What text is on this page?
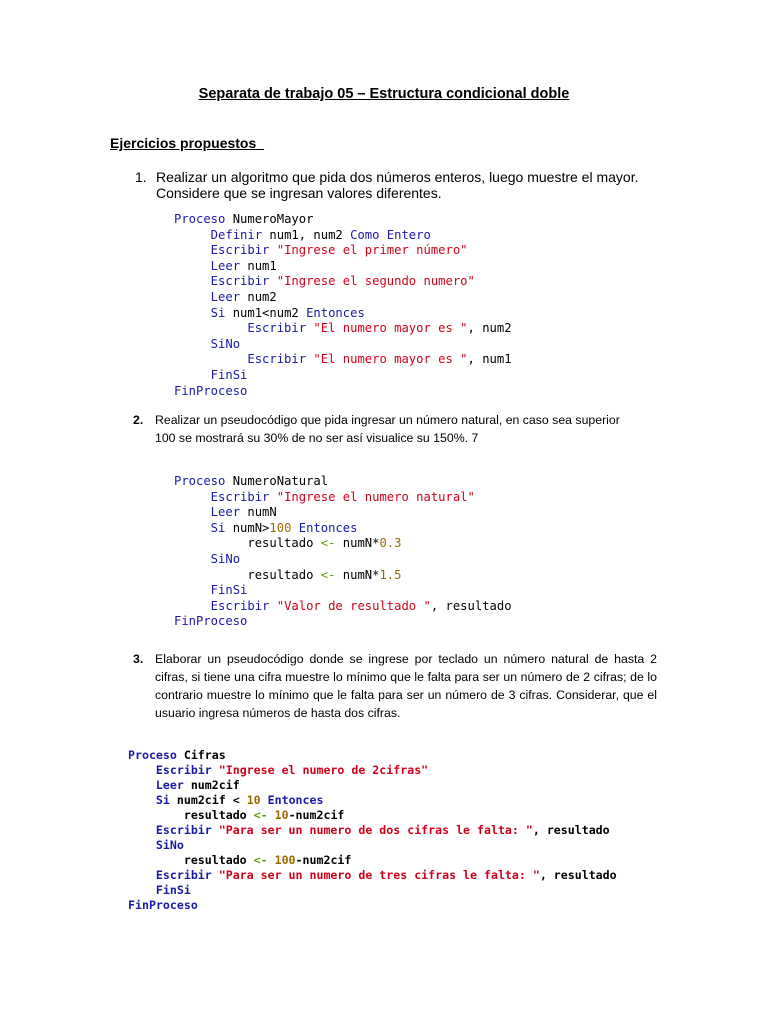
Separata de trabajo 05 – Estructura condicional doble
Ejercicios propuestos
1. Realizar un algoritmo que pida dos números enteros, luego muestre el mayor.
Considere que se ingresan valores diferentes.
Proceso NumeroMayor
Definir num1, num2 Como Entero
Escribir "Ingrese el primer número"
Leer num1
Escribir "Ingrese el segundo numero"
Leer num2
Si num1<num2 Entonces
Escribir "El numero mayor es ", num2
SiNo
Escribir "El numero mayor es ", num1
FinSi
FinProceso
2. Realizar un pseudocódigo que pida ingresar un número natural, en caso sea superior
100 se mostrará su 30% de no ser así visualice su 150%. 7
Proceso NumeroNatural
Escribir "Ingrese el numero natural"
Leer numN
Si numN>100 Entonces
resultado <- numN*0.3
SiNo
resultado <- numN*1.5
FinSi
Escribir "Valor de resultado ", resultado
FinProceso
3. Elaborar un pseudocódigo donde se ingrese por teclado un número natural de hasta 2 cifras, si tiene una cifra muestre lo mínimo que le falta para ser un número de 2 cifras; de lo contrario muestre lo mínimo que le falta para ser un número de 3 cifras. Considerar, que el usuario ingresa números de hasta dos cifras.
Proceso Cifras
Escribir "Ingrese el numero de 2cifras"
Leer num2cif
Si num2cif < 10 Entonces
resultado <- 10-num2cif
Escribir "Para ser un numero de dos cifras le falta: ", resultado
SiNo
resultado <- 100-num2cif
Escribir "Para ser un numero de tres cifras le falta: ", resultado
FinSi
FinProceso
